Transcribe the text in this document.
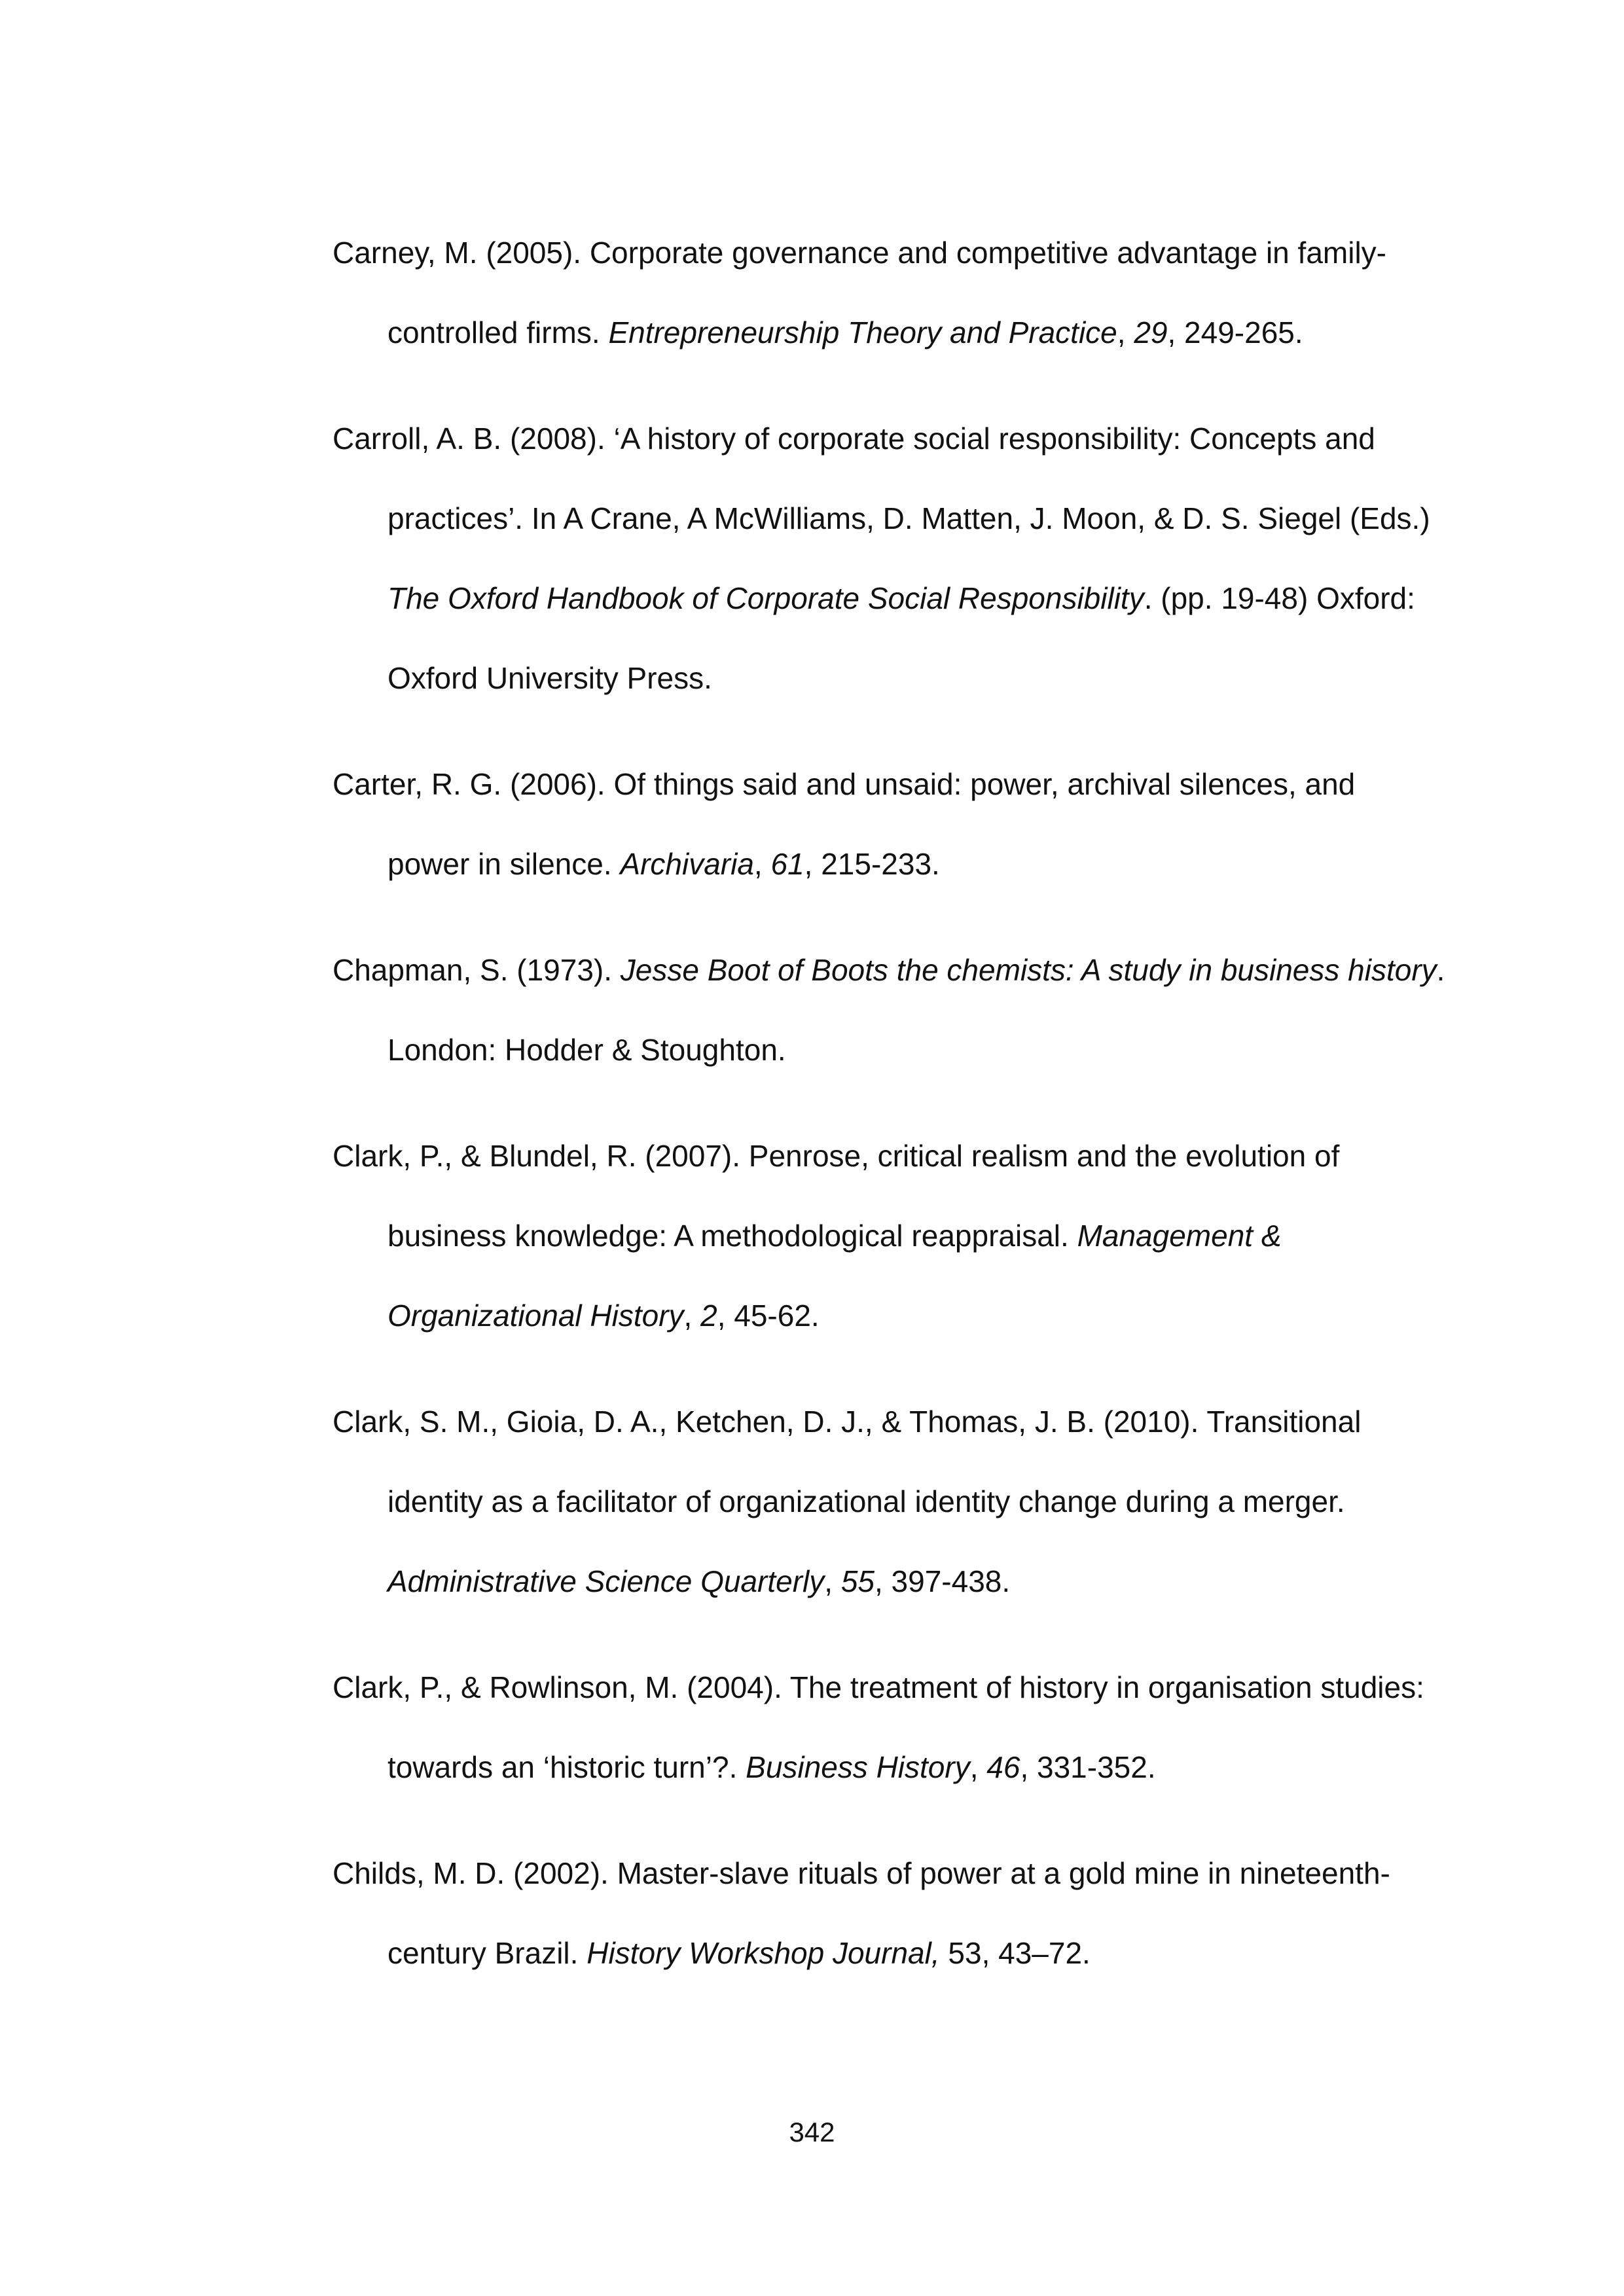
Carney, M. (2005). Corporate governance and competitive advantage in family-controlled firms. Entrepreneurship Theory and Practice, 29, 249-265.

Carroll, A. B. (2008). ‘A history of corporate social responsibility: Concepts and practices’. In A Crane, A McWilliams, D. Matten, J. Moon, & D. S. Siegel (Eds.) The Oxford Handbook of Corporate Social Responsibility. (pp. 19-48) Oxford: Oxford University Press.

Carter, R. G. (2006). Of things said and unsaid: power, archival silences, and power in silence. Archivaria, 61, 215-233.

Chapman, S. (1973). Jesse Boot of Boots the chemists: A study in business history. London: Hodder & Stoughton.

Clark, P., & Blundel, R. (2007). Penrose, critical realism and the evolution of business knowledge: A methodological reappraisal. Management & Organizational History, 2, 45-62.

Clark, S. M., Gioia, D. A., Ketchen, D. J., & Thomas, J. B. (2010). Transitional identity as a facilitator of organizational identity change during a merger. Administrative Science Quarterly, 55, 397-438.

Clark, P., & Rowlinson, M. (2004). The treatment of history in organisation studies: towards an ‘historic turn’?. Business History, 46, 331-352.

Childs, M. D. (2002). Master-slave rituals of power at a gold mine in nineteenth-century Brazil. History Workshop Journal, 53, 43–72.

342
